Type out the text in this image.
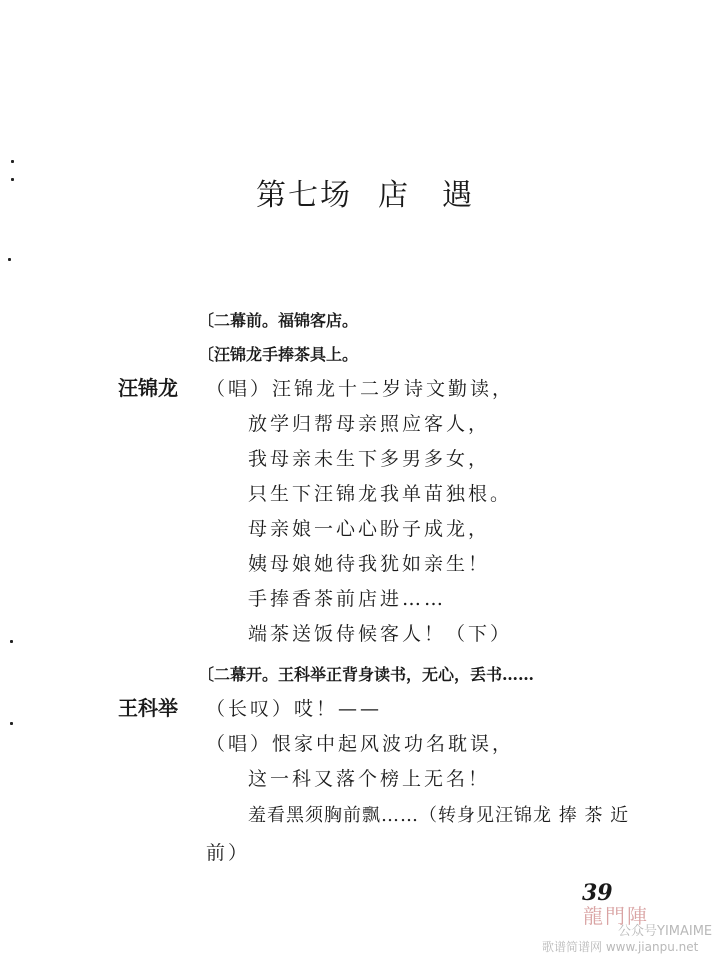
第七场 店　遇
〔二幕前。福锦客店。
〔汪锦龙手捧茶具上。
汪锦龙 （唱）汪锦龙十二岁诗文勤读，
放学归帮母亲照应客人，
我母亲未生下多男多女，
只生下汪锦龙我单苗独根。
母亲娘一心心盼子成龙，
姨母娘她待我犹如亲生！
手捧香茶前店进……
端茶送饭侍候客人！（下）
〔二幕开。王科举正背身读书，无心，丢书……
王科举 （长叹）哎！——
（唱）恨家中起风波功名耽误，
这一科又落个榜上无名！
羞看黑须胸前飘……（转身见汪锦龙 捧 茶 近
前）
39
龍門陣
公众号YIMAIME
歌谱简谱网 www.jianpu.net
